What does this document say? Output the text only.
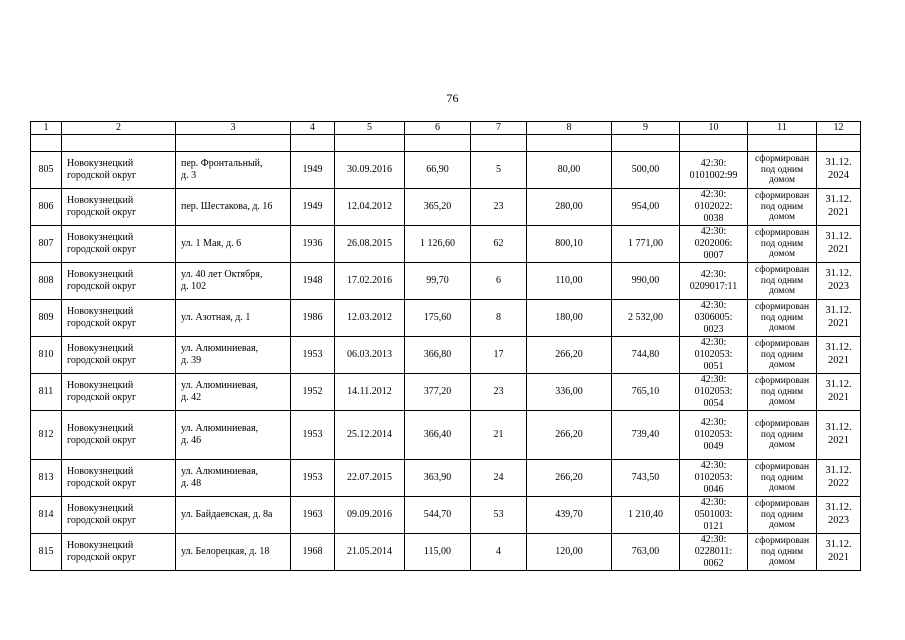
76
1	2	3	4	5	6	7	8	9	10	11	12

805	Новокузнецкий
городской округ	пер. Фронтальный,
д. 3	1949	30.09.2016	66,90	5	80,00	500,00	42:30:
0101002:99	сформирован
под одним
домом	31.12.
2024
806	Новокузнецкий
городской округ	пер. Шестакова, д. 16	1949	12.04.2012	365,20	23	280,00	954,00	42:30:
0102022:
0038	сформирован
под одним
домом	31.12.
2021
807	Новокузнецкий
городской округ	ул. 1 Мая, д. 6	1936	26.08.2015	1 126,60	62	800,10	1 771,00	42:30:
0202006:
0007	сформирован
под одним
домом	31.12.
2021
808	Новокузнецкий
городской округ	ул. 40 лет Октября,
д. 102	1948	17.02.2016	99,70	6	110,00	990,00	42:30:
0209017:11	сформирован
под одним
домом	31.12.
2023
809	Новокузнецкий
городской округ	ул. Азотная, д. 1	1986	12.03.2012	175,60	8	180,00	2 532,00	42:30:
0306005:
0023	сформирован
под одним
домом	31.12.
2021
810	Новокузнецкий
городской округ	ул. Алюминиевая,
д. 39	1953	06.03.2013	366,80	17	266,20	744,80	42:30:
0102053:
0051	сформирован
под одним
домом	31.12.
2021
811	Новокузнецкий
городской округ	ул. Алюминиевая,
д. 42	1952	14.11.2012	377,20	23	336,00	765,10	42:30:
0102053:
0054	сформирован
под одним
домом	31.12.
2021
812	Новокузнецкий
городской округ	ул. Алюминиевая,
д. 46	1953	25.12.2014	366,40	21	266,20	739,40	42:30:
0102053:
0049	сформирован
под одним
домом	31.12.
2021
813	Новокузнецкий
городской округ	ул. Алюминиевая,
д. 48	1953	22.07.2015	363,90	24	266,20	743,50	42:30:
0102053:
0046	сформирован
под одним
домом	31.12.
2022
814	Новокузнецкий
городской округ	ул. Байдаевская, д. 8а	1963	09.09.2016	544,70	53	439,70	1 210,40	42:30:
0501003:
0121	сформирован
под одним
домом	31.12.
2023
815	Новокузнецкий
городской округ	ул. Белорецкая, д. 18	1968	21.05.2014	115,00	4	120,00	763,00	42:30:
0228011:
0062	сформирован
под одним
домом	31.12.
2021
